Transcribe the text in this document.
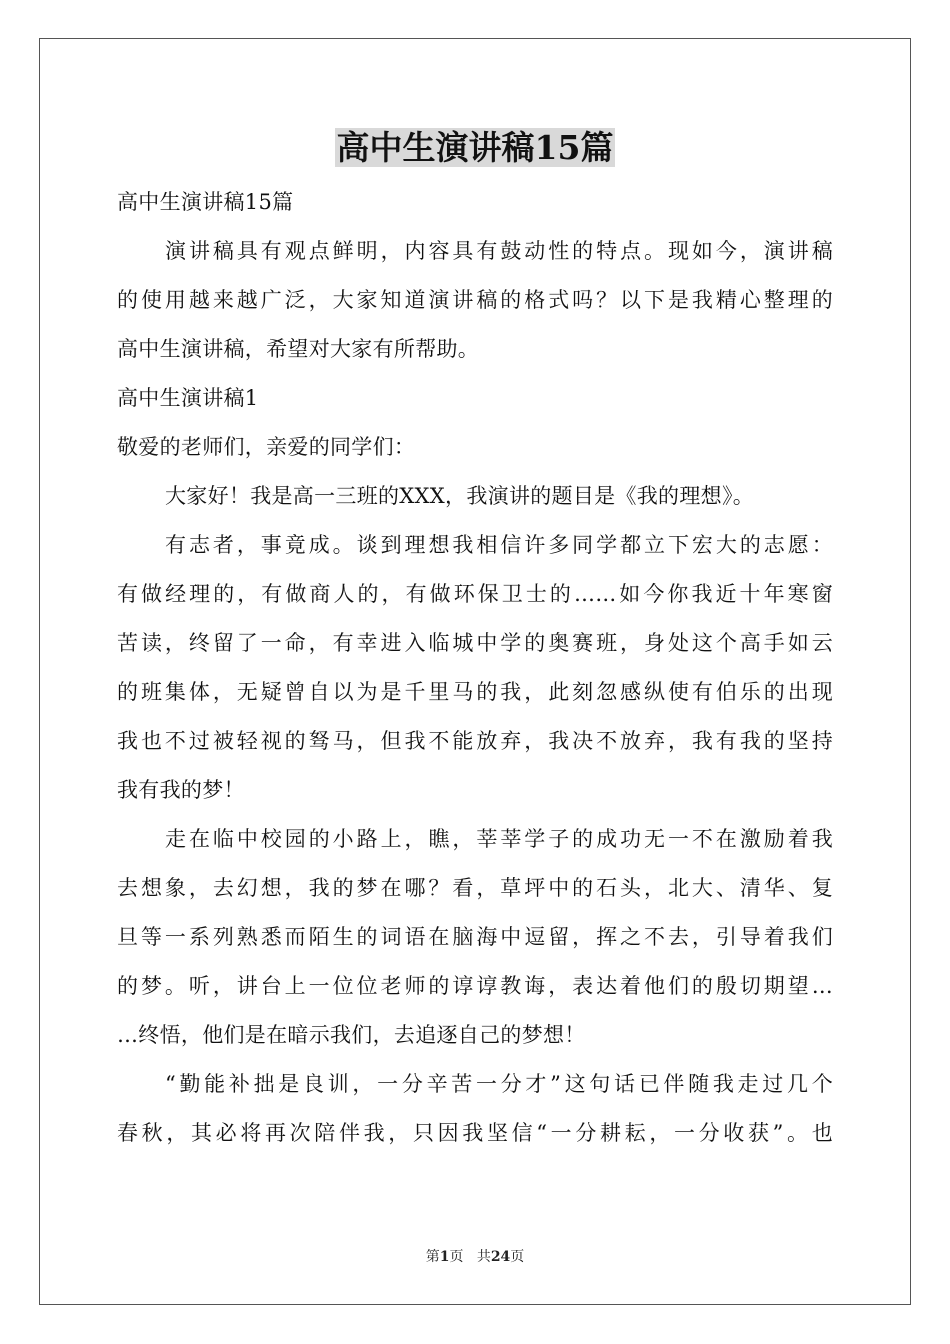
高中生演讲稿15篇

高中生演讲稿15篇

演讲稿具有观点鲜明，内容具有鼓动性的特点。现如今，演讲稿

的使用越来越广泛，大家知道演讲稿的格式吗？以下是我精心整理的

高中生演讲稿，希望对大家有所帮助。

高中生演讲稿1

敬爱的老师们，亲爱的同学们：

大家好！我是高一三班的XXX，我演讲的题目是《我的理想》。

有志者，事竟成。谈到理想我相信许多同学都立下宏大的志愿：

有做经理的，有做商人的，有做环保卫士的……如今你我近十年寒窗

苦读，终留了一命，有幸进入临城中学的奥赛班，身处这个高手如云

的班集体，无疑曾自以为是千里马的我，此刻忽感纵使有伯乐的出现

我也不过被轻视的驽马，但我不能放弃，我决不放弃，我有我的坚持

我有我的梦！

走在临中校园的小路上，瞧，莘莘学子的成功无一不在激励着我

去想象，去幻想，我的梦在哪？看，草坪中的石头，北大、清华、复

旦等一系列熟悉而陌生的词语在脑海中逗留，挥之不去，引导着我们

的梦。听，讲台上一位位老师的谆谆教诲，表达着他们的殷切期望…

…终悟，他们是在暗示我们，去追逐自己的梦想！

“勤能补拙是良训，一分辛苦一分才”这句话已伴随我走过几个

春秋，其必将再次陪伴我，只因我坚信“一分耕耘，一分收获”。也

第1页 共24页
